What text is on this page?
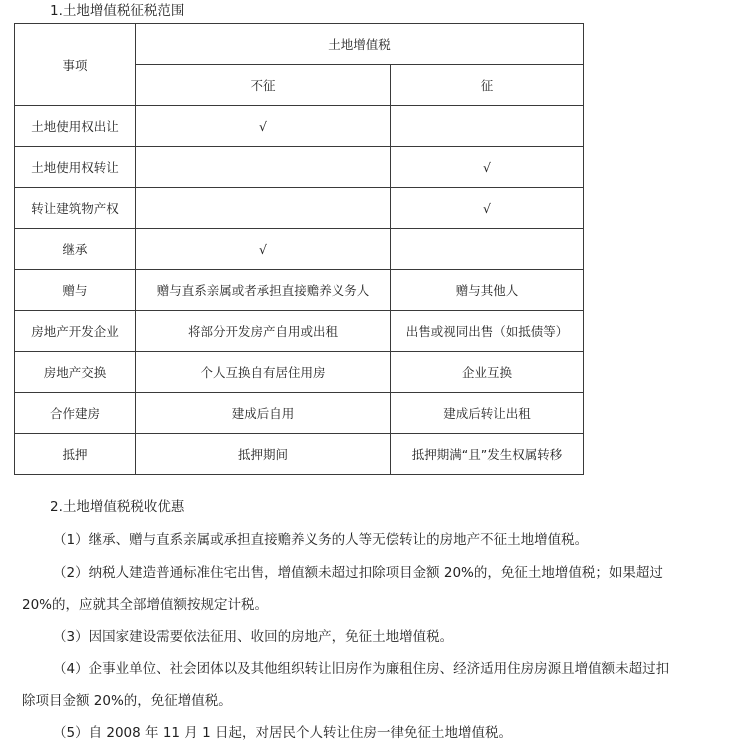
1.土地增值税征税范围
事项	土地增值税	
	不征	征
土地使用权出让	√	
土地使用权转让		√
转让建筑物产权		√
继承	√	
赠与	赠与直系亲属或者承担直接赡养义务人	赠与其他人
房地产开发企业	将部分开发房产自用或出租	出售或视同出售（如抵债等）
房地产交换	个人互换自有居住用房	企业互换
合作建房	建成后自用	建成后转让出租
抵押	抵押期间	抵押期满“且”发生权属转移
2.土地增值税税收优惠
（1）继承、赠与直系亲属或承担直接赡养义务的人等无偿转让的房地产不征土地增值税。
（2）纳税人建造普通标准住宅出售，增值额未超过扣除项目金额 20%的，免征土地增值税；如果超过
20%的，应就其全部增值额按规定计税。
（3）因国家建设需要依法征用、收回的房地产，免征土地增值税。
（4）企事业单位、社会团体以及其他组织转让旧房作为廉租住房、经济适用住房房源且增值额未超过扣
除项目金额 20%的，免征增值税。
（5）自 2008 年 11 月 1 日起，对居民个人转让住房一律免征土地增值税。
